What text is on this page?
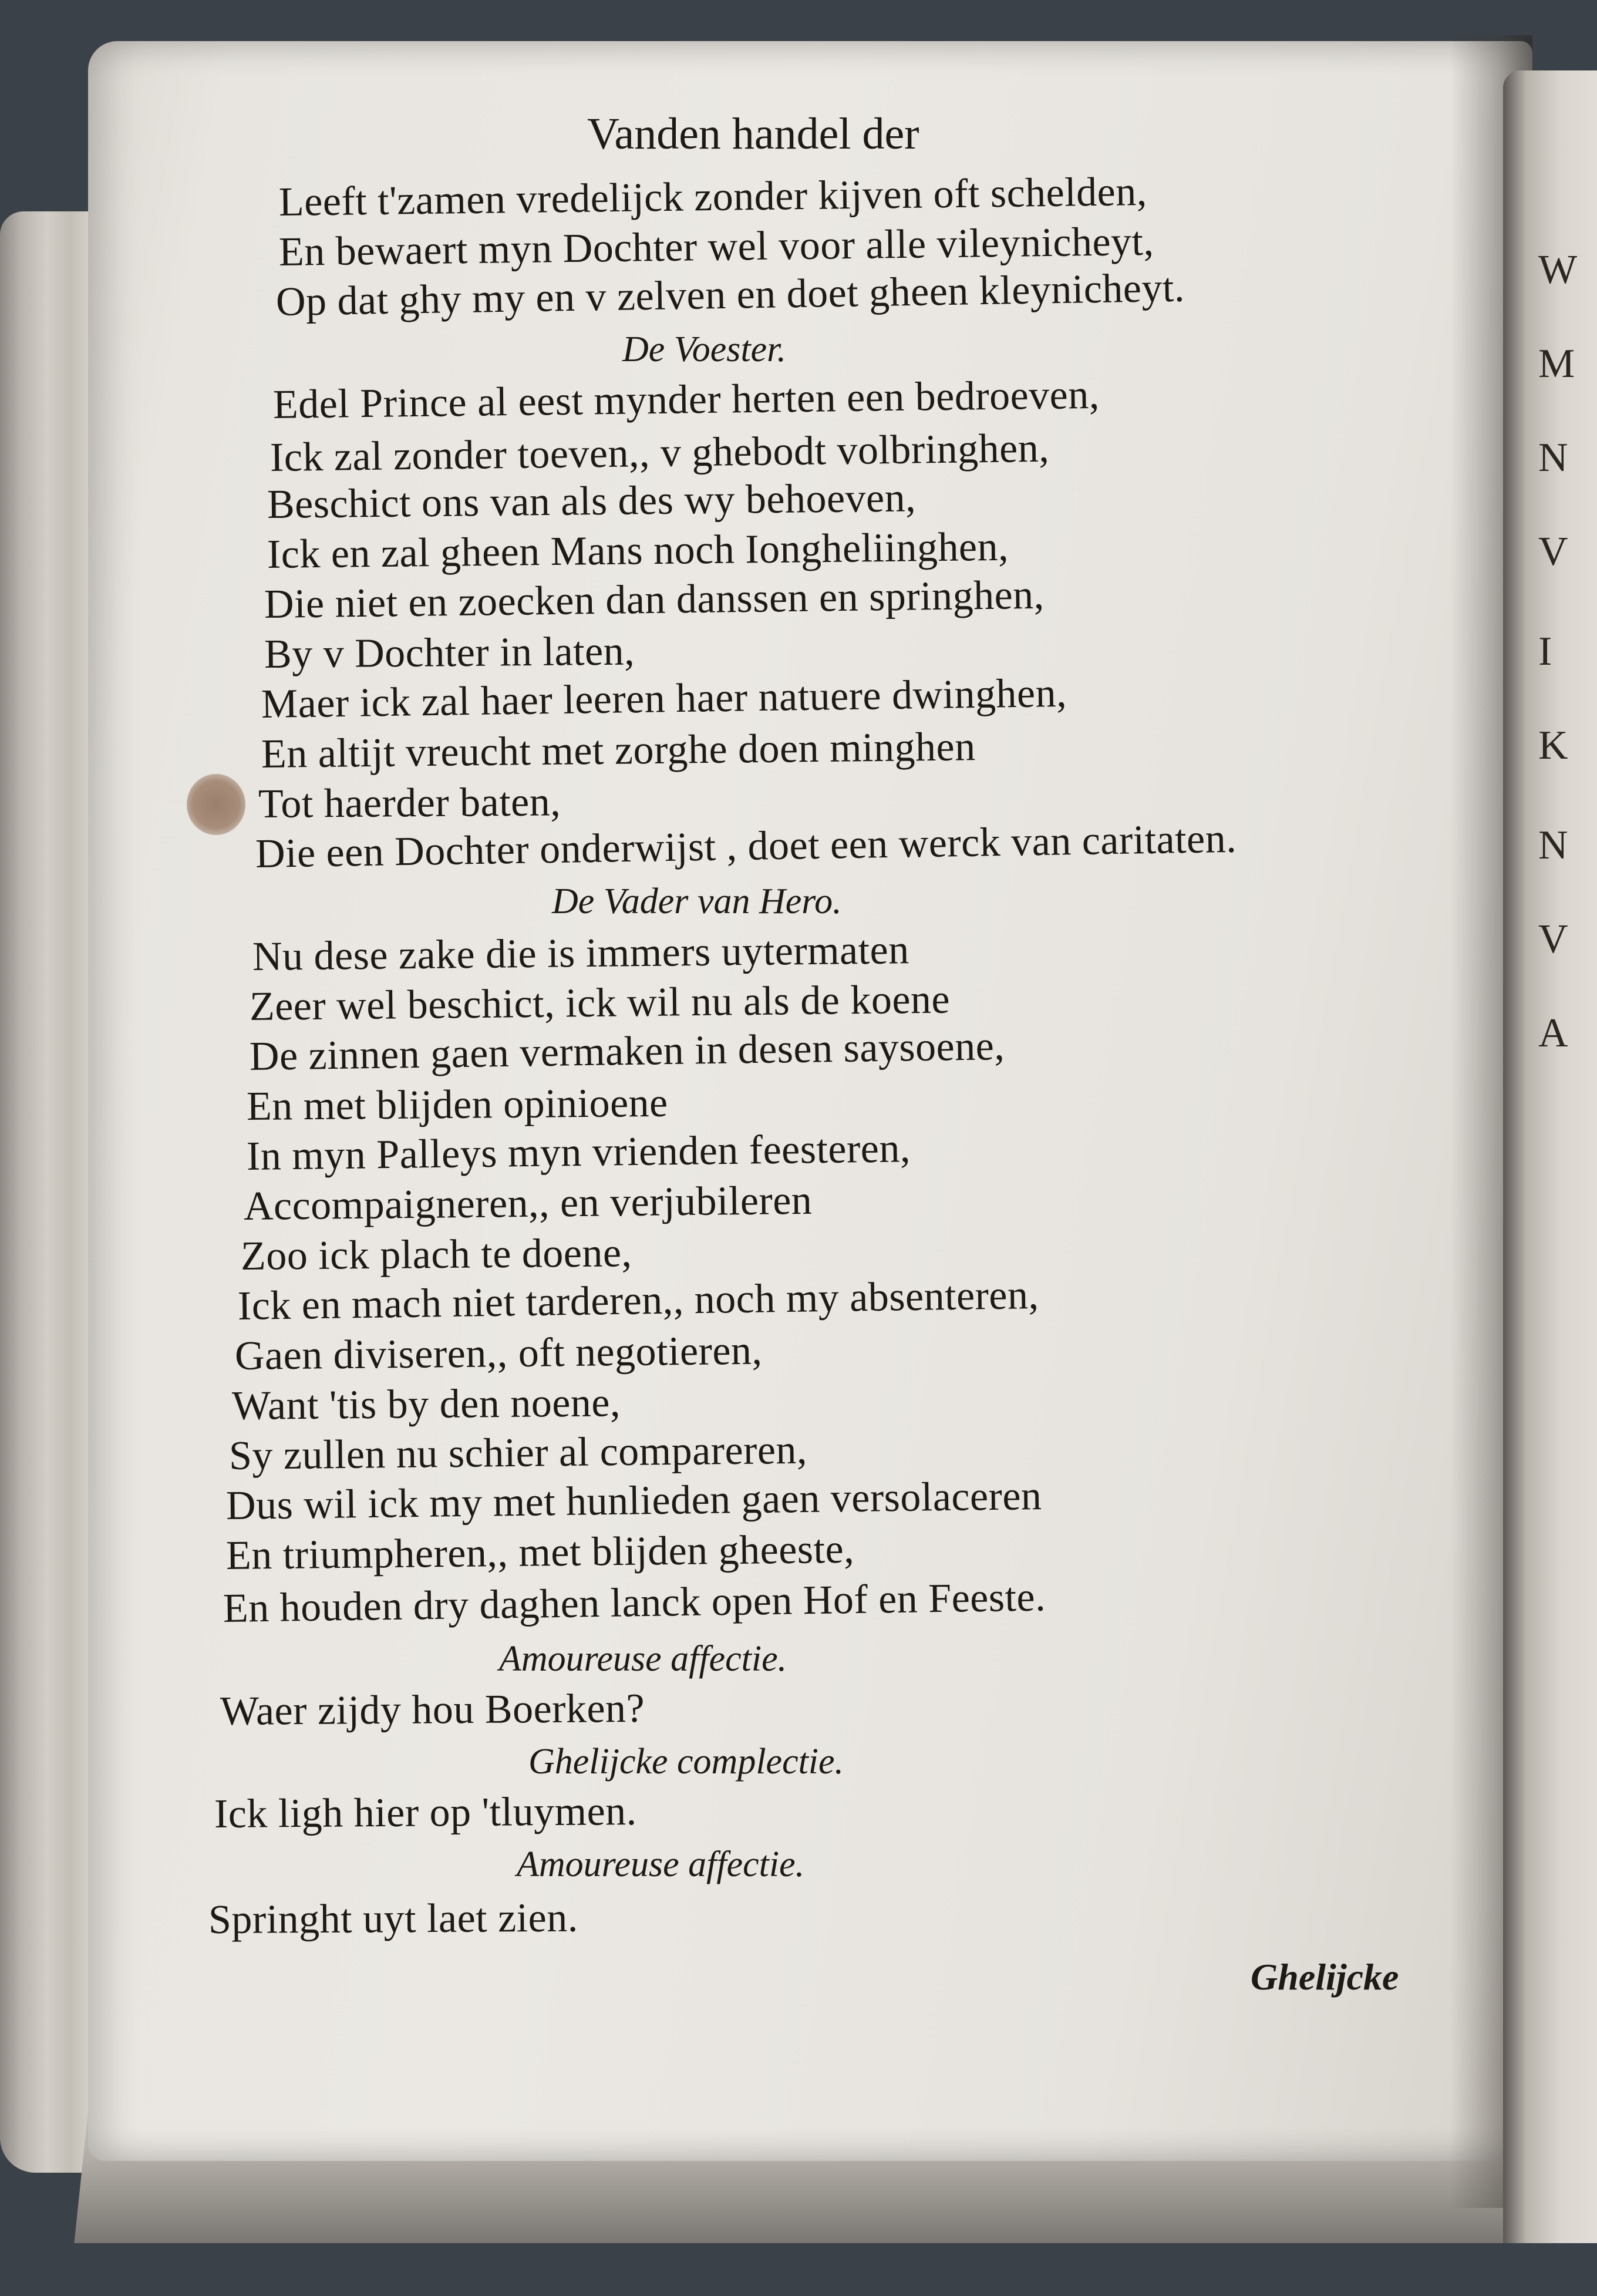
W
M
N
V
I
K
N
V
A
Vanden handel der
Leeft t'zamen vredelijck zonder kijven oft schelden,
En bewaert myn Dochter wel voor alle vileynicheyt,
Op dat ghy my en v zelven en doet gheen kleynicheyt.
De Voester.
Edel Prince al eest mynder herten een bedroeven,
Ick zal zonder toeven,, v ghebodt volbringhen,
Beschict ons van als des wy behoeven,
Ick en zal gheen Mans noch Iongheliinghen,
Die niet en zoecken dan danssen en springhen,
By v Dochter in laten,
Maer ick zal haer leeren haer natuere dwinghen,
En altijt vreucht met zorghe doen minghen
Tot haerder baten,
Die een Dochter onderwijst , doet een werck van caritaten.
De Vader van Hero.
Nu dese zake die is immers uytermaten
Zeer wel beschict, ick wil nu als de koene
De zinnen gaen vermaken in desen saysoene,
En met blijden opinioene
In myn Palleys myn vrienden feesteren,
Accompaigneren,, en verjubileren
Zoo ick plach te doene,
Ick en mach niet tarderen,, noch my absenteren,
Gaen diviseren,, oft negotieren,
Want 'tis by den noene,
Sy zullen nu schier al compareren,
Dus wil ick my met hunlieden gaen versolaceren
En triumpheren,, met blijden gheeste,
En houden dry daghen lanck open Hof en Feeste.
Amoureuse affectie.
Waer zijdy hou Boerken?
Ghelijcke complectie.
Ick ligh hier op 'tluymen.
Amoureuse affectie.
Springht uyt laet zien.
Ghelijcke
